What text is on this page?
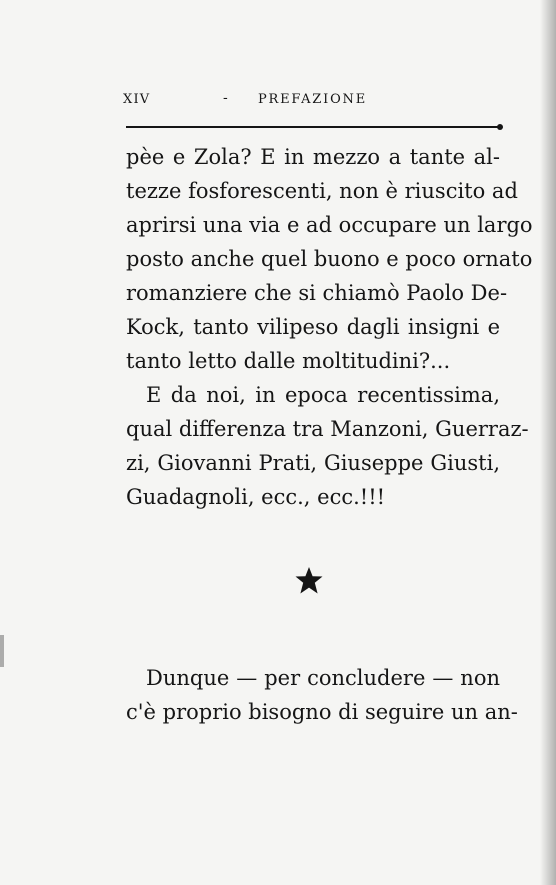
XIV	- PREFAZIONE
pèe e Zola? E in mezzo a tante al-
tezze fosforescenti, non è riuscito ad
aprirsi una via e ad occupare un largo
posto anche quel buono e poco ornato
romanziere che si chiamò Paolo De-
Kock, tanto vilipeso dagli insigni e
tanto letto dalle moltitudini?...
E da noi, in epoca recentissima,
qual differenza tra Manzoni, Guerraz-
zi, Giovanni Prati, Giuseppe Giusti,
Guadagnoli, ecc., ecc.!!!
Dunque — per concludere — non
c'è proprio bisogno di seguire un an-
